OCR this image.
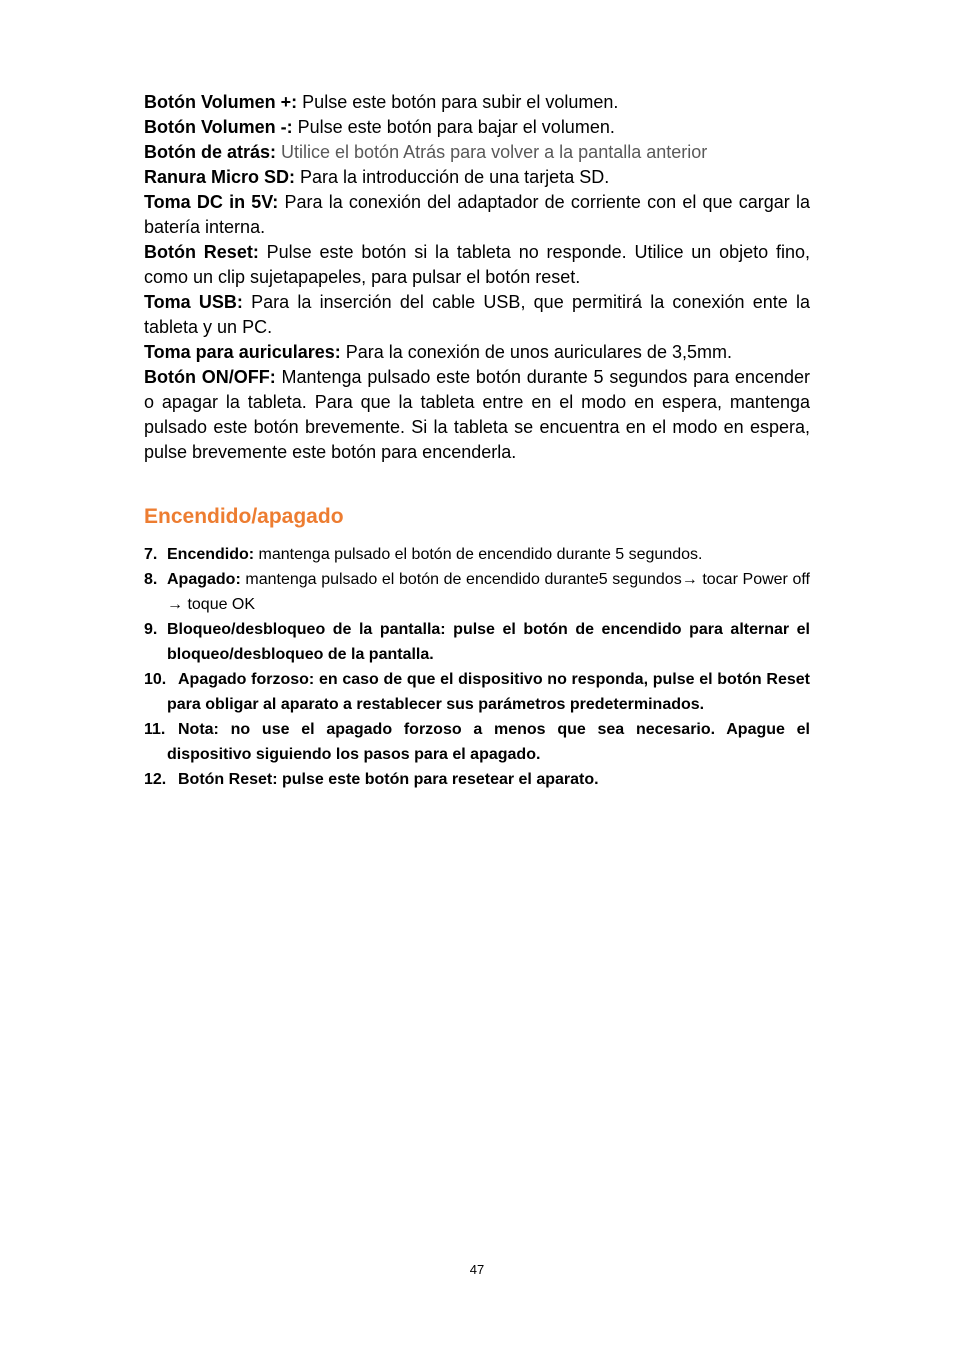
Botón Volumen +: Pulse este botón para subir el volumen.

Botón Volumen -: Pulse este botón para bajar el volumen.

Botón de atrás: Utilice el botón Atrás para volver a la pantalla anterior

Ranura Micro SD: Para la introducción de una tarjeta SD.

Toma DC in 5V: Para la conexión del adaptador de corriente con el que cargar la batería interna.

Botón Reset: Pulse este botón si la tableta no responde. Utilice un objeto fino, como un clip sujetapapeles, para pulsar el botón reset.

Toma USB: Para la inserción del cable USB, que permitirá la conexión ente la tableta y un PC.

Toma para auriculares: Para la conexión de unos auriculares de 3,5mm.

Botón ON/OFF: Mantenga pulsado este botón durante 5 segundos para encender o apagar la tableta. Para que la tableta entre en el modo en espera, mantenga pulsado este botón brevemente. Si la tableta se encuentra en el modo en espera, pulse brevemente este botón para encenderla.

Encendido/apagado
7. Encendido: mantenga pulsado el botón de encendido durante 5 segundos.
8. Apagado: mantenga pulsado el botón de encendido durante5 segundos→ tocar Power off → toque OK
9. Bloqueo/desbloqueo de la pantalla: pulse el botón de encendido para alternar el bloqueo/desbloqueo de la pantalla.
10. Apagado forzoso: en caso de que el dispositivo no responda, pulse el botón Reset para obligar al aparato a restablecer sus parámetros predeterminados.
11. Nota: no use el apagado forzoso a menos que sea necesario. Apague el dispositivo siguiendo los pasos para el apagado.
12. Botón Reset: pulse este botón para resetear el aparato.
47
